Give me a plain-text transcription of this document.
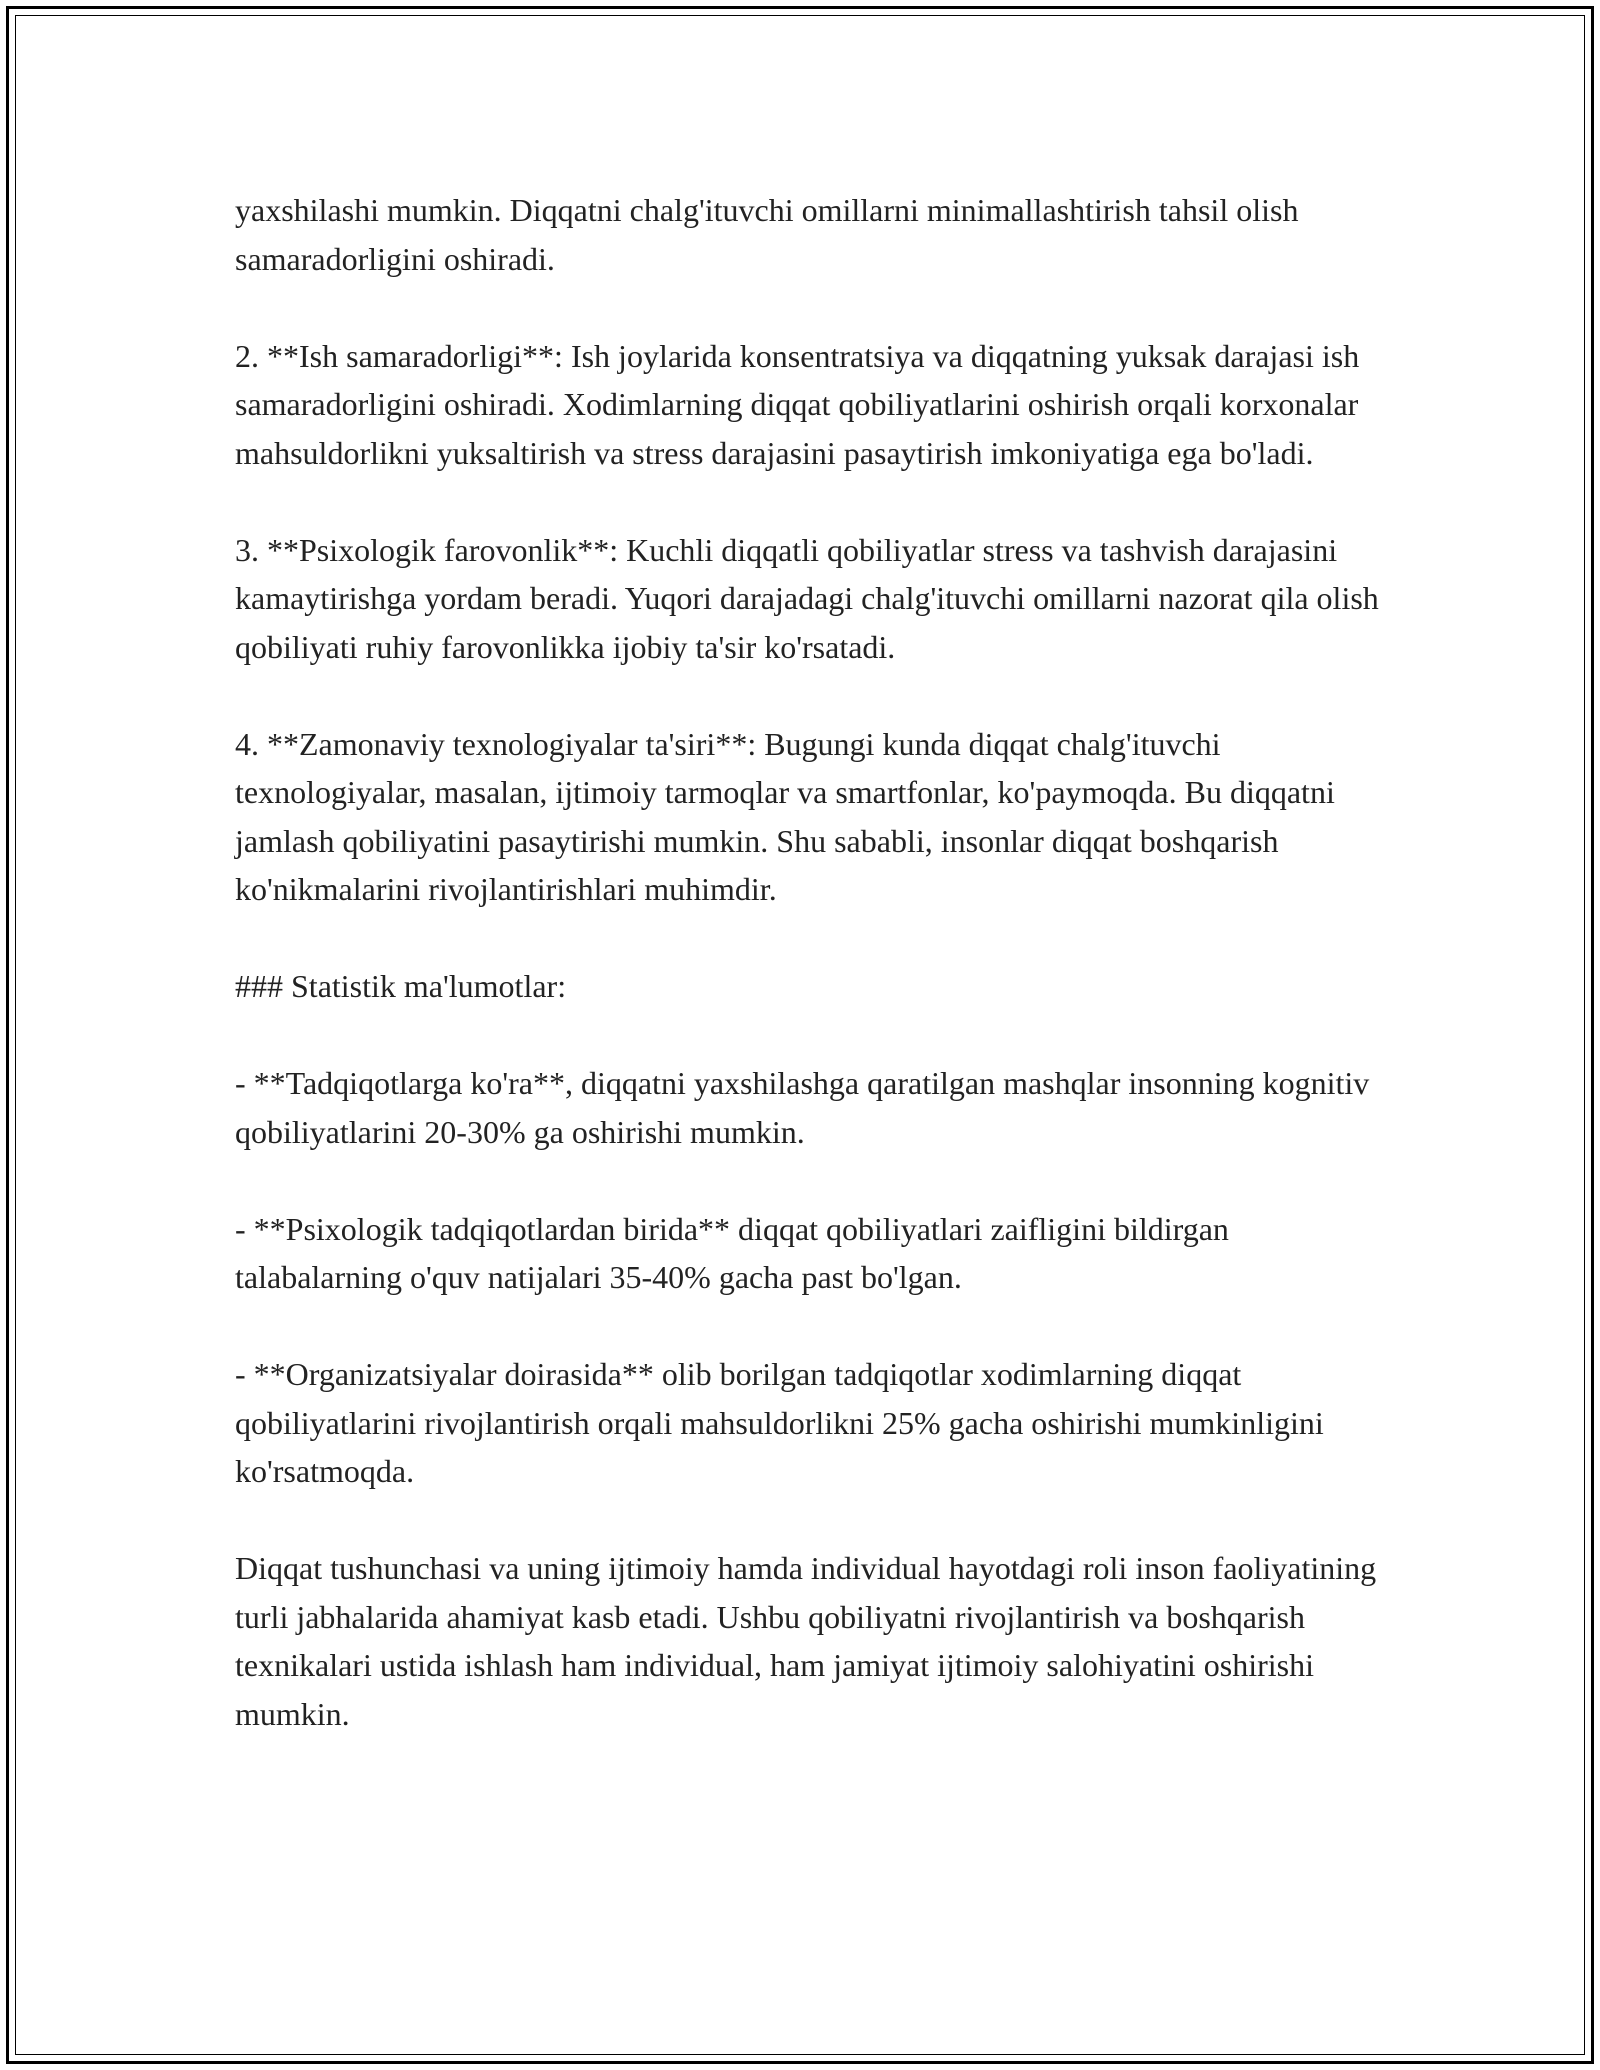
yaxshilashi mumkin. Diqqatni chalg'ituvchi omillarni minimallashtirish tahsil olish samaradorligini oshiradi.

2. **Ish samaradorligi**: Ish joylarida konsentratsiya va diqqatning yuksak darajasi ish samaradorligini oshiradi. Xodimlarning diqqat qobiliyatlarini oshirish orqali korxonalar mahsuldorlikni yuksaltirish va stress darajasini pasaytirish imkoniyatiga ega bo'ladi.

3. **Psixologik farovonlik**: Kuchli diqqatli qobiliyatlar stress va tashvish darajasini kamaytirishga yordam beradi. Yuqori darajadagi chalg'ituvchi omillarni nazorat qila olish qobiliyati ruhiy farovonlikka ijobiy ta'sir ko'rsatadi.

4. **Zamonaviy texnologiyalar ta'siri**: Bugungi kunda diqqat chalg'ituvchi texnologiyalar, masalan, ijtimoiy tarmoqlar va smartfonlar, ko'paymoqda. Bu diqqatni jamlash qobiliyatini pasaytirishi mumkin. Shu sababli, insonlar diqqat boshqarish ko'nikmalarini rivojlantirishlari muhimdir.

### Statistik ma'lumotlar:

- **Tadqiqotlarga ko'ra**, diqqatni yaxshilashga qaratilgan mashqlar insonning kognitiv qobiliyatlarini 20-30% ga oshirishi mumkin.

- **Psixologik tadqiqotlardan birida** diqqat qobiliyatlari zaifligini bildirgan talabalarning o'quv natijalari 35-40% gacha past bo'lgan.

- **Organizatsiyalar doirasida** olib borilgan tadqiqotlar xodimlarning diqqat qobiliyatlarini rivojlantirish orqali mahsuldorlikni 25% gacha oshirishi mumkinligini ko'rsatmoqda.

Diqqat tushunchasi va uning ijtimoiy hamda individual hayotdagi roli inson faoliyatining turli jabhalarida ahamiyat kasb etadi. Ushbu qobiliyatni rivojlantirish va boshqarish texnikalari ustida ishlash ham individual, ham jamiyat ijtimoiy salohiyatini oshirishi mumkin.
